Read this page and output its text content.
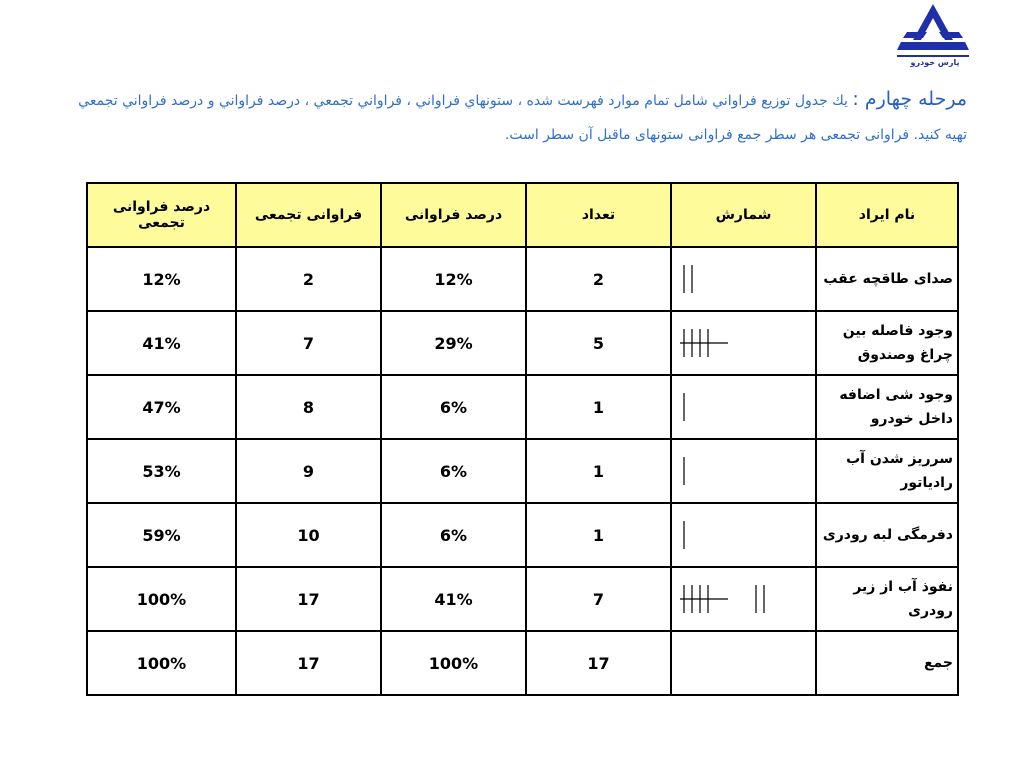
پارس خودرو
مرحله چهارم : يك جدول توزيع فراواني شامل تمام موارد فهرست شده ، ستونهاي فراواني ، فراواني تجمعي ، درصد فراواني و درصد فراواني تجمعي
تهیه کنید. فراوانی تجمعی هر سطر جمع فراوانی ستونهای ماقبل آن سطر است.
نام ایراد	شمارش	تعداد	درصد فراوانی	فراوانی تجمعی	درصد فراوانی تجمعی
صدای طاقچه عقب		2	12%	2	12%
وجود فاصله بین چراغ وصندوق		5	29%	7	41%
وجود شی اضافه داخل خودرو		1	6%	8	47%
سرریز شدن آب رادیاتور		1	6%	9	53%
دفرمگی لبه رودری		1	6%	10	59%
نفوذ آب از زیر رودری		7	41%	17	100%
جمع		17	100%	17	100%
